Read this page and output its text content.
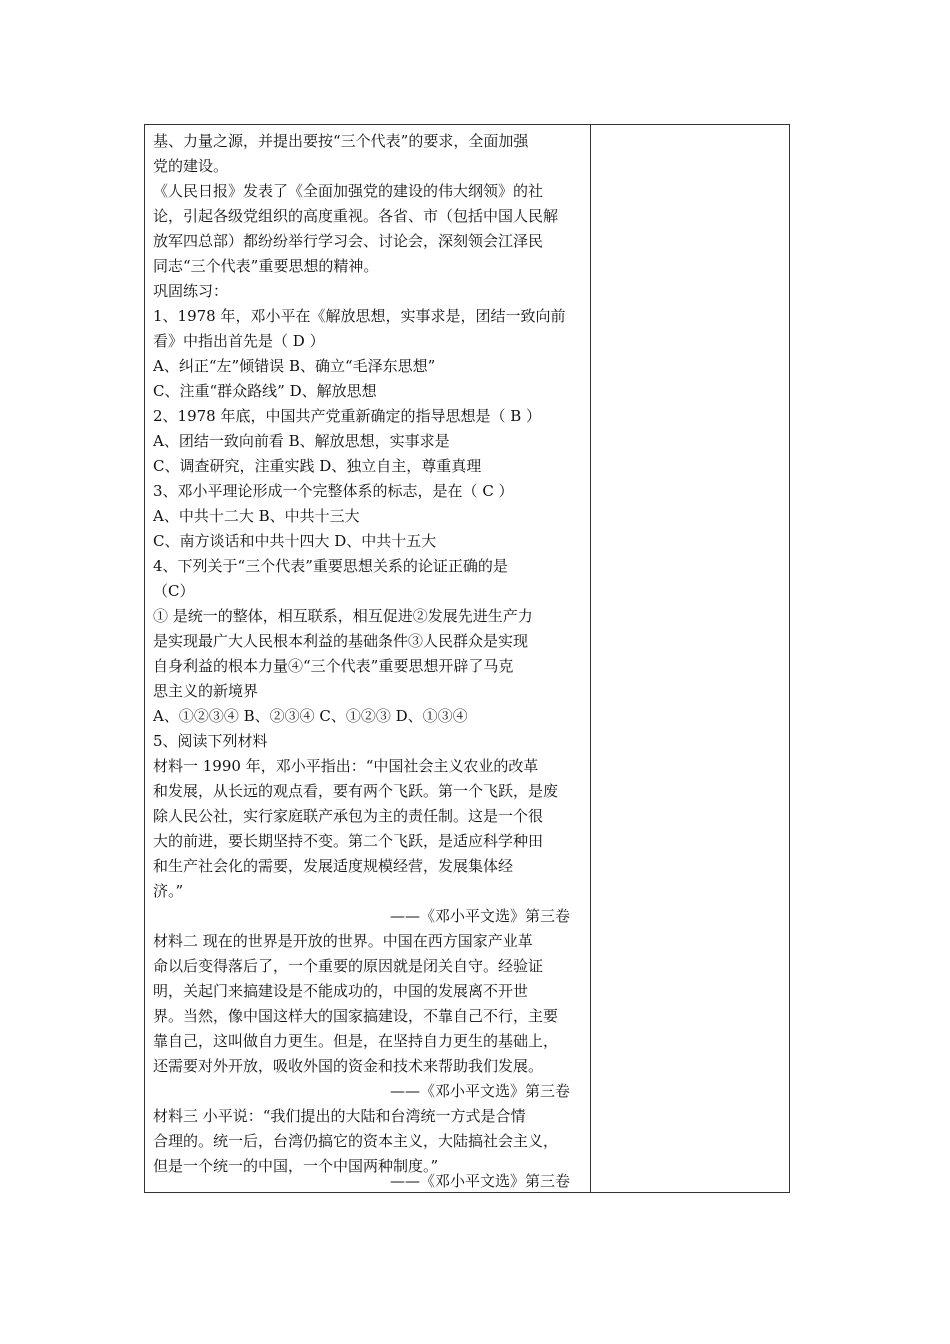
基、力量之源，并提出要按“三个代表”的要求，全面加强
党的建设。
《人民日报》发表了《全面加强党的建设的伟大纲领》的社
论，引起各级党组织的高度重视。各省、市（包括中国人民解
放军四总部）都纷纷举行学习会、讨论会，深刻领会江泽民
同志“三个代表”重要思想的精神。
巩固练习：
1、1978 年，邓小平在《解放思想，实事求是，团结一致向前
看》中指出首先是（ D ）
A、纠正“左”倾错误 B、确立“毛泽东思想”
C、注重“群众路线” D、解放思想
2、1978 年底，中国共产党重新确定的指导思想是（ B ）
A、团结一致向前看 B、解放思想，实事求是
C、调查研究，注重实践 D、独立自主，尊重真理
3、邓小平理论形成一个完整体系的标志，是在（ C ）
A、中共十二大 B、中共十三大
C、南方谈话和中共十四大 D、中共十五大
4、下列关于“三个代表”重要思想关系的论证正确的是
（C）
① 是统一的整体，相互联系，相互促进②发展先进生产力
是实现最广大人民根本利益的基础条件③人民群众是实现
自身利益的根本力量④“三个代表”重要思想开辟了马克
思主义的新境界
A、①②③④ B、②③④ C、①②③ D、①③④
5、阅读下列材料
材料一 1990 年，邓小平指出：“中国社会主义农业的改革
和发展，从长远的观点看，要有两个飞跃。第一个飞跃，是废
除人民公社，实行家庭联产承包为主的责任制。这是一个很
大的前进，要长期坚持不变。第二个飞跃，是适应科学种田
和生产社会化的需要，发展适度规模经营，发展集体经
济。”
——《邓小平文选》第三卷
材料二 现在的世界是开放的世界。中国在西方国家产业革
命以后变得落后了，一个重要的原因就是闭关自守。经验证
明，关起门来搞建设是不能成功的，中国的发展离不开世
界。当然，像中国这样大的国家搞建设，不靠自己不行，主要
靠自己，这叫做自力更生。但是，在坚持自力更生的基础上，
还需要对外开放，吸收外国的资金和技术来帮助我们发展。
——《邓小平文选》第三卷
材料三 小平说：“我们提出的大陆和台湾统一方式是合情
合理的。统一后，台湾仍搞它的资本主义，大陆搞社会主义，
但是一个统一的中国，一个中国两种制度。”
——《邓小平文选》第三卷
